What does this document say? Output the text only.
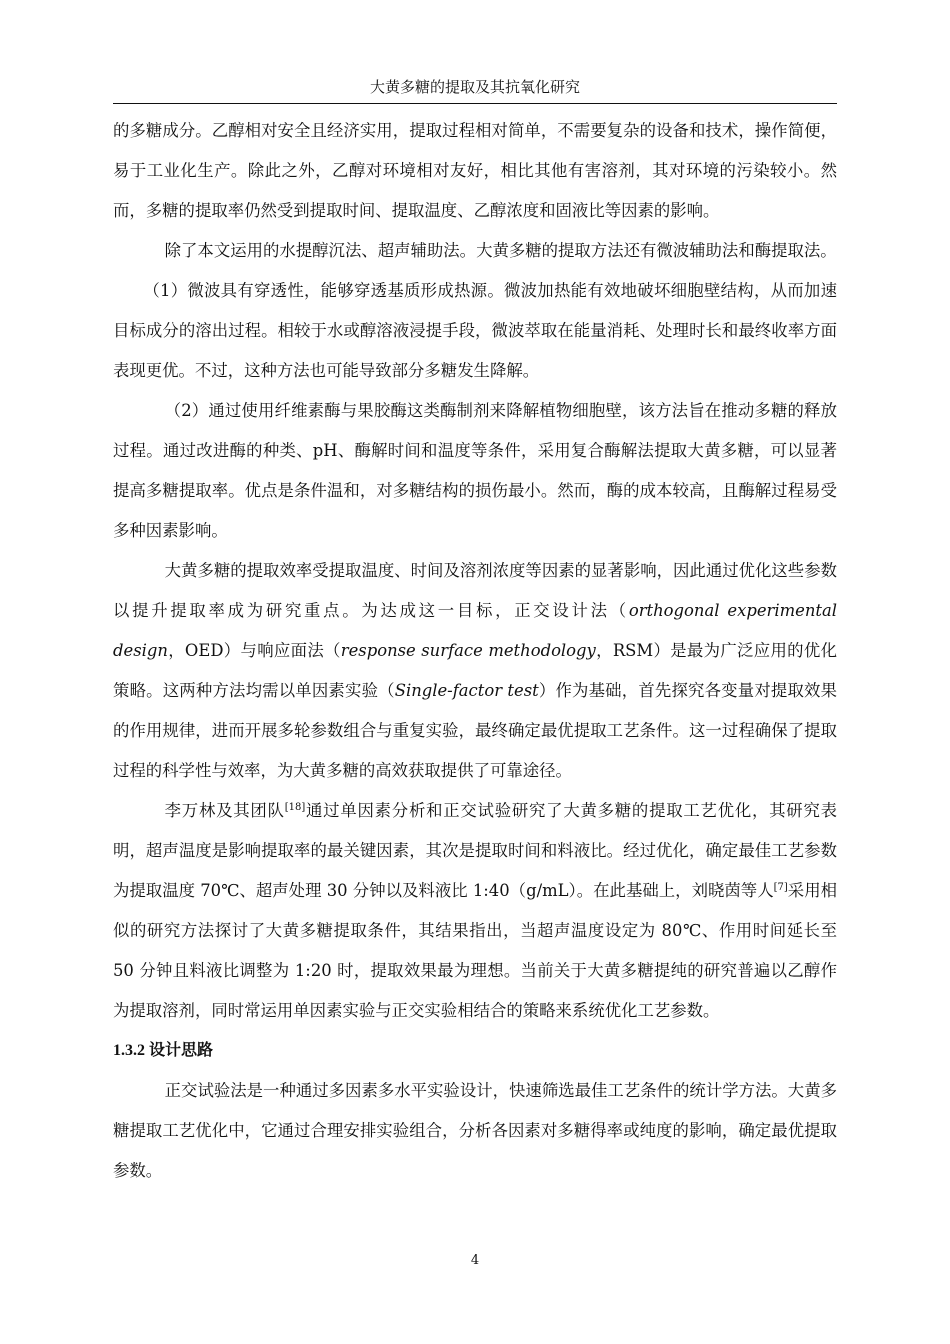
大黄多糖的提取及其抗氧化研究

的多糖成分。乙醇相对安全且经济实用，提取过程相对简单，不需要复杂的设备和技术，操作简便，易于工业化生产。除此之外，乙醇对环境相对友好，相比其他有害溶剂，其对环境的污染较小。然而，多糖的提取率仍然受到提取时间、提取温度、乙醇浓度和固液比等因素的影响。

除了本文运用的水提醇沉法、超声辅助法。大黄多糖的提取方法还有微波辅助法和酶提取法。

（1）微波具有穿透性，能够穿透基质形成热源。微波加热能有效地破坏细胞壁结构，从而加速目标成分的溶出过程。相较于水或醇溶液浸提手段，微波萃取在能量消耗、处理时长和最终收率方面表现更优。不过，这种方法也可能导致部分多糖发生降解。

（2）通过使用纤维素酶与果胶酶这类酶制剂来降解植物细胞壁，该方法旨在推动多糖的释放过程。通过改进酶的种类、pH、酶解时间和温度等条件，采用复合酶解法提取大黄多糖，可以显著提高多糖提取率。优点是条件温和，对多糖结构的损伤最小。然而，酶的成本较高，且酶解过程易受多种因素影响。

大黄多糖的提取效率受提取温度、时间及溶剂浓度等因素的显著影响，因此通过优化这些参数以提升提取率成为研究重点。为达成这一目标，正交设计法（orthogonal experimental design，OED）与响应面法（response surface methodology，RSM）是最为广泛应用的优化策略。这两种方法均需以单因素实验（Single-factor test）作为基础，首先探究各变量对提取效果的作用规律，进而开展多轮参数组合与重复实验，最终确定最优提取工艺条件。这一过程确保了提取过程的科学性与效率，为大黄多糖的高效获取提供了可靠途径。

李万林及其团队[18]通过单因素分析和正交试验研究了大黄多糖的提取工艺优化，其研究表明，超声温度是影响提取率的最关键因素，其次是提取时间和料液比。经过优化，确定最佳工艺参数为提取温度 70℃、超声处理 30 分钟以及料液比 1:40（g/mL）。在此基础上，刘晓茵等人[7]采用相似的研究方法探讨了大黄多糖提取条件，其结果指出，当超声温度设定为 80℃、作用时间延长至 50 分钟且料液比调整为 1:20 时，提取效果最为理想。当前关于大黄多糖提纯的研究普遍以乙醇作为提取溶剂，同时常运用单因素实验与正交实验相结合的策略来系统优化工艺参数。

1.3.2 设计思路

正交试验法是一种通过多因素多水平实验设计，快速筛选最佳工艺条件的统计学方法。大黄多糖提取工艺优化中，它通过合理安排实验组合，分析各因素对多糖得率或纯度的影响，确定最优提取参数。

4
